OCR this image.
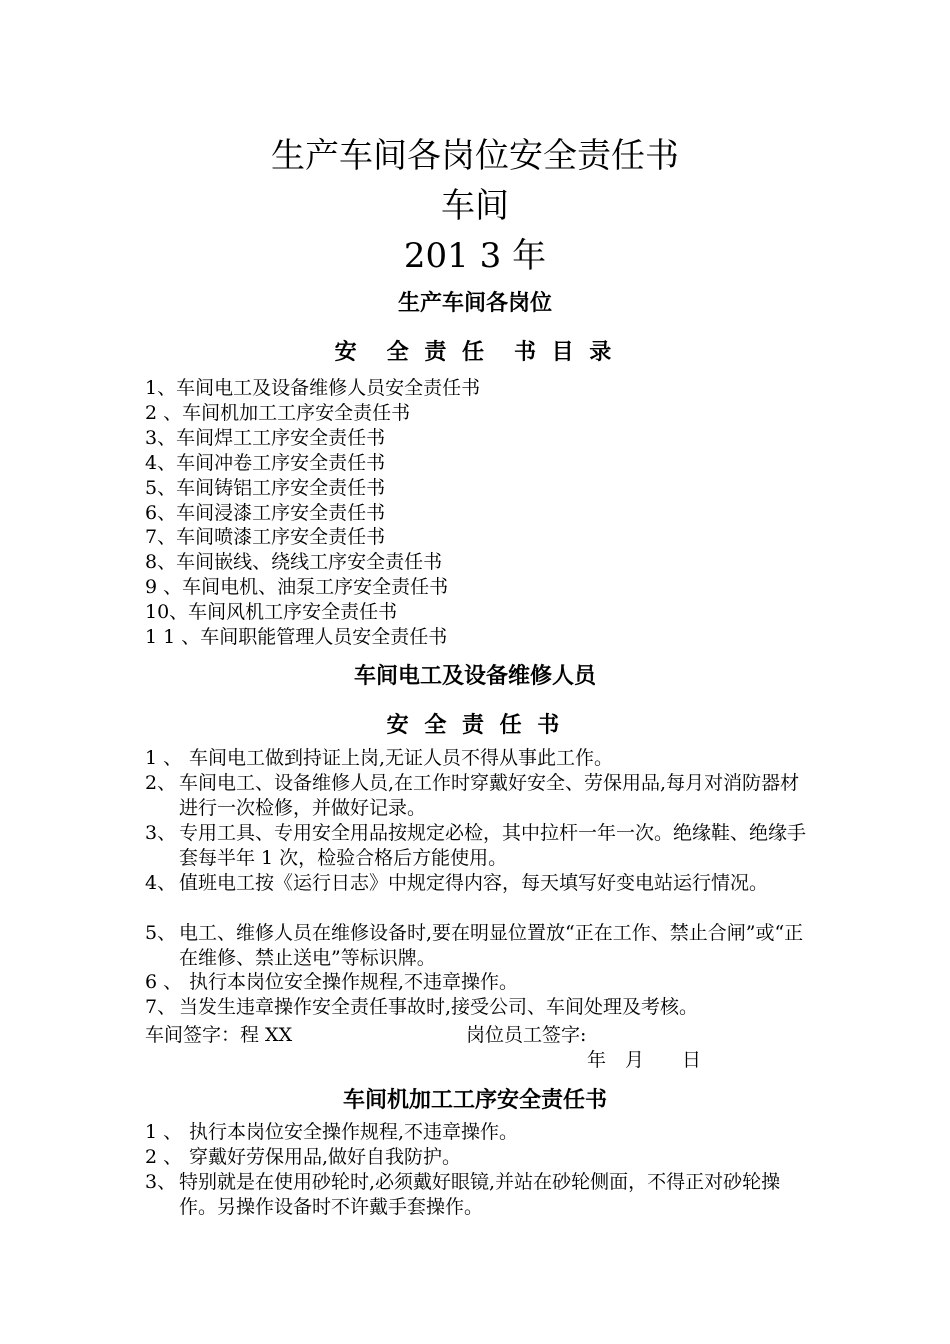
生产车间各岗位安全责任书
车间
201 3 年
生产车间各岗位
安　全 责 任　书 目 录
1、车间电工及设备维修人员安全责任书
2 、车间机加工工序安全责任书
3、车间焊工工序安全责任书
4、车间冲卷工序安全责任书
5、车间铸铝工序安全责任书
6、车间浸漆工序安全责任书
7、车间喷漆工序安全责任书
8、车间嵌线、绕线工序安全责任书
9 、车间电机、油泵工序安全责任书
10、车间风机工序安全责任书
1 1 、车间职能管理人员安全责任书
车间电工及设备维修人员
安 全 责 任 书
1 、 车间电工做到持证上岗,无证人员不得从事此工作。
2、 车间电工、设备维修人员,在工作时穿戴好安全、劳保用品,每月对消防器材进行一次检修，并做好记录。
3、 专用工具、专用安全用品按规定必检，其中拉杆一年一次。绝缘鞋、绝缘手套每半年 1 次，检验合格后方能使用。
4、 值班电工按《运行日志》中规定得内容，每天填写好变电站运行情况。
5、 电工、维修人员在维修设备时,要在明显位置放“正在工作、禁止合闸”或“正在维修、禁止送电”等标识牌。
6 、 执行本岗位安全操作规程,不违章操作。
7、 当发生违章操作安全责任事故时,接受公司、车间处理及考核。
车间签字：程 XX	岗位员工签字:
年　月　　日
车间机加工工序安全责任书
1 、 执行本岗位安全操作规程,不违章操作。
2 、 穿戴好劳保用品,做好自我防护。
3、 特别就是在使用砂轮时,必须戴好眼镜,并站在砂轮侧面，不得正对砂轮操作。另操作设备时不许戴手套操作。
